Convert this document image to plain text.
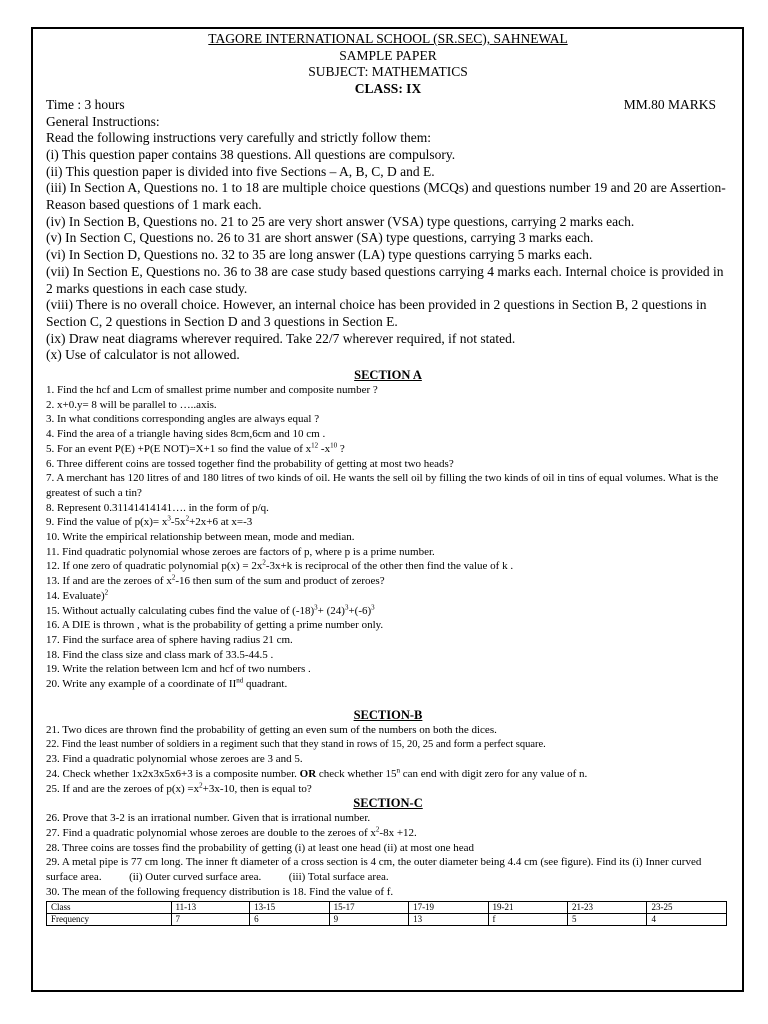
TAGORE INTERNATIONAL SCHOOL (SR.SEC), SAHNEWAL
SAMPLE PAPER
SUBJECT: MATHEMATICS
CLASS: IX
Time : 3 hours	MM.80 MARKS
General Instructions:
Read the following instructions very carefully and strictly follow them:
(i) This question paper contains 38 questions. All questions are compulsory.
(ii) This question paper is divided into five Sections – A, B, C, D and E.
(iii) In Section A, Questions no. 1 to 18 are multiple choice questions (MCQs) and questions number 19 and 20 are Assertion-Reason based questions of 1 mark each.
(iv) In Section B, Questions no. 21 to 25 are very short answer (VSA) type questions, carrying 2 marks each.
(v) In Section C, Questions no. 26 to 31 are short answer (SA) type questions, carrying 3 marks each.
(vi) In Section D, Questions no. 32 to 35 are long answer (LA) type questions carrying 5 marks each.
(vii) In Section E, Questions no. 36 to 38 are case study based questions carrying 4 marks each. Internal choice is provided in 2 marks questions in each case study.
(viii) There is no overall choice. However, an internal choice has been provided in 2 questions in Section B, 2 questions in Section C, 2 questions in Section D and 3 questions in Section E.
(ix) Draw neat diagrams wherever required. Take 22/7 wherever required, if not stated.
(x) Use of calculator is not allowed.
SECTION A
1. Find the hcf and Lcm of smallest prime number and composite number ?
2. x+0.y= 8 will be parallel to …..axis.
3. In what conditions corresponding angles are always equal ?
4. Find the area of a triangle having sides 8cm,6cm and 10 cm .
5. For an event P(E) +P(E NOT)=X+1 so find the value of $x^{12}$ $-x^{10}$ ?
6. Three different coins are tossed together find the probability of getting at most two heads?
7. A merchant has 120 litres of and 180 litres of two kinds of oil. He wants the sell oil by filling the two kinds of oil in tins of equal volumes. What is the greatest of such a tin?
8. Represent 0.31141414141…. in the form of p/q.
9. Find the value of $p(x)= x^3-5x^2+2x+6$ at x=-3
10. Write the empirical relationship between mean, mode and median.
11. Find quadratic polynomial whose zeroes are factors of p, where p is a prime number.
12. If one zero of quadratic polynomial $p(x) = 2x^2-3x+k$ is reciprocal of the other then find the value of k .
13. If and are the zeroes of $x^2-16$ then sum of the sum and product of zeroes?
14. Evaluate)$^2$
15. Without actually calculating cubes find the value of $(-18)^3+ (24)^3+(-6)^3$
16. A DIE is thrown , what is the probability of getting a prime number only.
17. Find the surface area of sphere having radius 21 cm.
18. Find the class size and class mark of 33.5-44.5 .
19. Write the relation between lcm and hcf of two numbers .
20. Write any example of a coordinate of IInd quadrant.
SECTION-B
21. Two dices are thrown find the probability of getting an even sum of the numbers on both the dices.
22. Find the least number of soldiers in a regiment such that they stand in rows of 15, 20, 25 and form a perfect square.
23. Find a quadratic polynomial whose zeroes are 3 and 5.
24. Check whether 1x2x3x5x6+3 is a composite number. OR check whether 15$^n$ can end with digit zero for any value of n.
25. If and are the zeroes of $p(x) =x^2+3x-10$, then is equal to?
SECTION-C
26. Prove that 3-2 is an irrational number. Given that is irrational number.
27. Find a quadratic polynomial whose zeroes are double to the zeroes of $x^2-8x +12$.
28. Three coins are tosses find the probability of getting (i) at least one head (ii) at most one head
29. A metal pipe is 77 cm long. The inner ft diameter of a cross section is 4 cm, the outer diameter being 4.4 cm (see figure). Find its (i) Inner curved surface area.          (ii) Outer curved surface area.          (iii) Total surface area.
30. The mean of the following frequency distribution is 18. Find the value of f.
Class	11-13	13-15	15-17	17-19	19-21	21-23	23-25
Frequency	7	6	9	13	f	5	4
